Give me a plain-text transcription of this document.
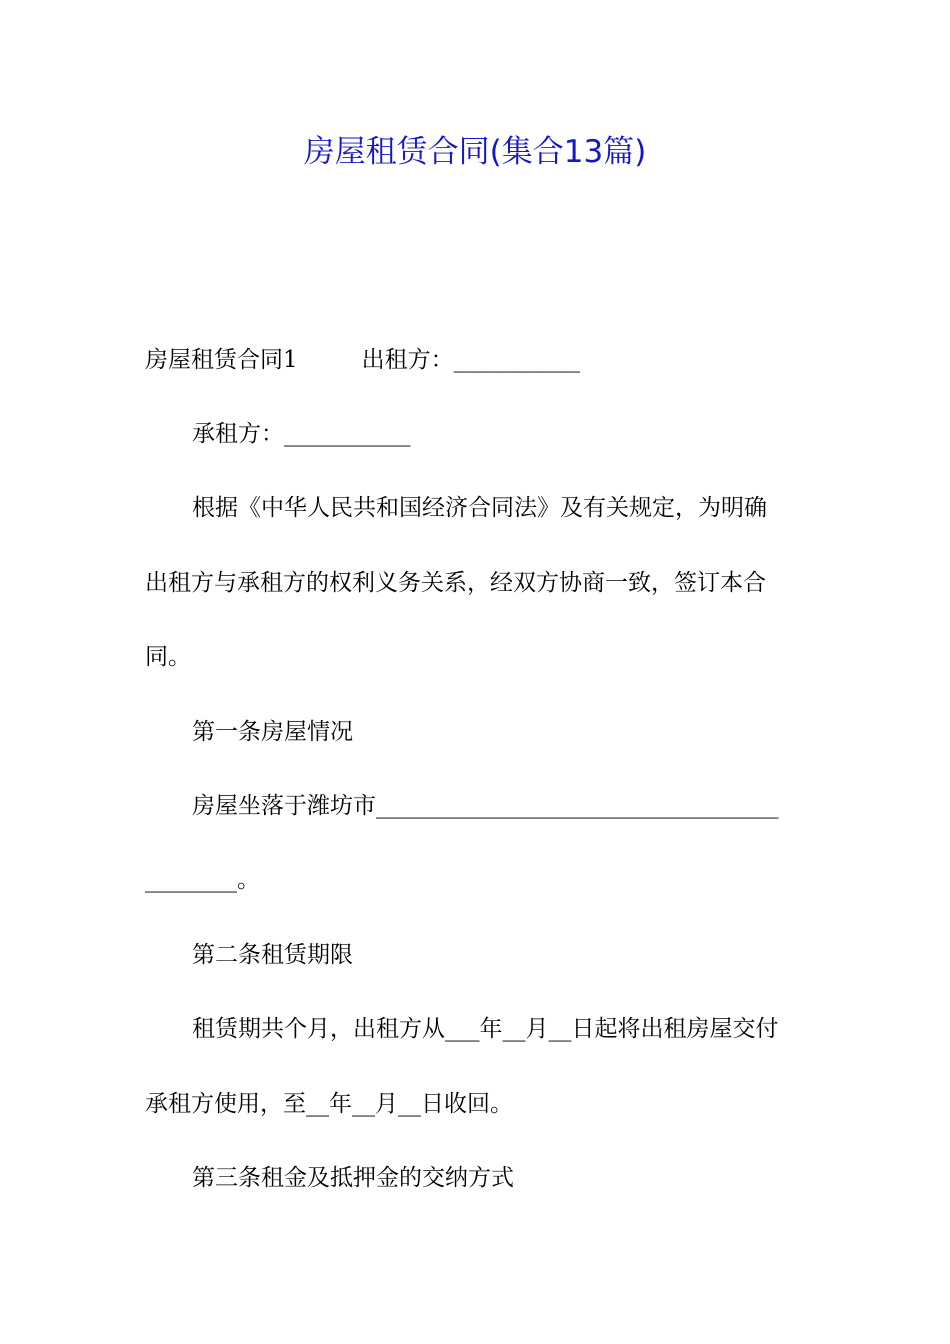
房屋租赁合同(集合13篇)

房屋租赁合同1	出租方：___________

承租方：___________

根据《中华人民共和国经济合同法》及有关规定，为明确

出租方与承租方的权利义务关系，经双方协商一致，签订本合

同。

第一条房屋情况

房屋坐落于潍坊市___________________________________

________。

第二条租赁期限

租赁期共个月，出租方从___年__月__日起将出租房屋交付

承租方使用，至__年__月__日收回。

第三条租金及抵押金的交纳方式
